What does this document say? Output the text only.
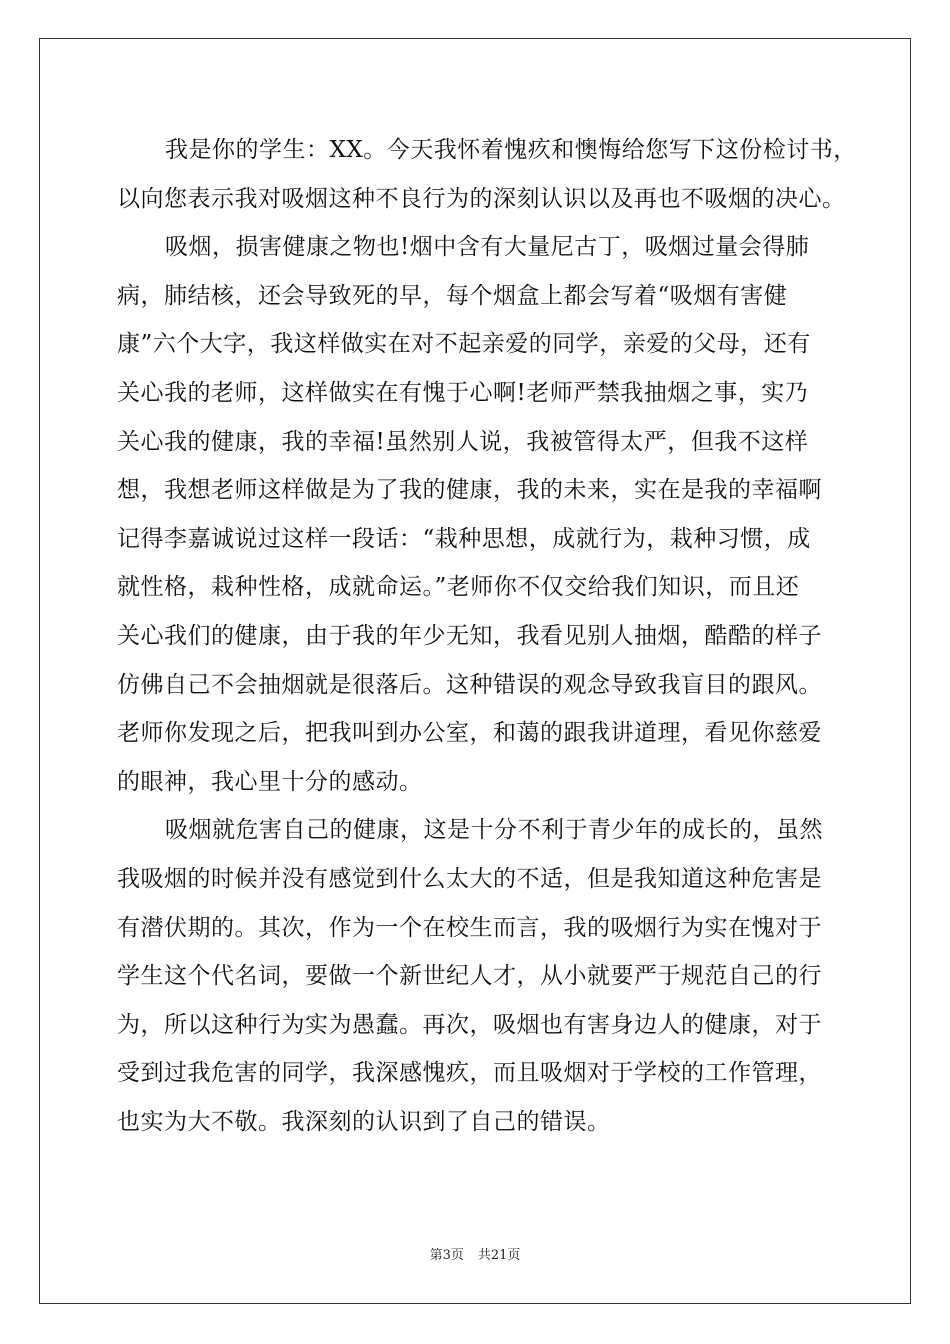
我是你的学生：XX。今天我怀着愧疚和懊悔给您写下这份检讨书，
以向您表示我对吸烟这种不良行为的深刻认识以及再也不吸烟的决心。
吸烟，损害健康之物也!烟中含有大量尼古丁，吸烟过量会得肺
病，肺结核，还会导致死的早，每个烟盒上都会写着“吸烟有害健
康”六个大字，我这样做实在对不起亲爱的同学，亲爱的父母，还有
关心我的老师，这样做实在有愧于心啊!老师严禁我抽烟之事，实乃
关心我的健康，我的幸福!虽然别人说，我被管得太严，但我不这样
想，我想老师这样做是为了我的健康，我的未来，实在是我的幸福啊
记得李嘉诚说过这样一段话：“栽种思想，成就行为，栽种习惯，成
就性格，栽种性格，成就命运。”老师你不仅交给我们知识，而且还
关心我们的健康，由于我的年少无知，我看见别人抽烟，酷酷的样子
仿佛自己不会抽烟就是很落后。这种错误的观念导致我盲目的跟风。
老师你发现之后，把我叫到办公室，和蔼的跟我讲道理，看见你慈爱
的眼神，我心里十分的感动。
吸烟就危害自己的健康，这是十分不利于青少年的成长的，虽然
我吸烟的时候并没有感觉到什么太大的不适，但是我知道这种危害是
有潜伏期的。其次，作为一个在校生而言，我的吸烟行为实在愧对于
学生这个代名词，要做一个新世纪人才，从小就要严于规范自己的行
为，所以这种行为实为愚蠢。再次，吸烟也有害身边人的健康，对于
受到过我危害的同学，我深感愧疚，而且吸烟对于学校的工作管理，
也实为大不敬。我深刻的认识到了自己的错误。
第3页 共21页
